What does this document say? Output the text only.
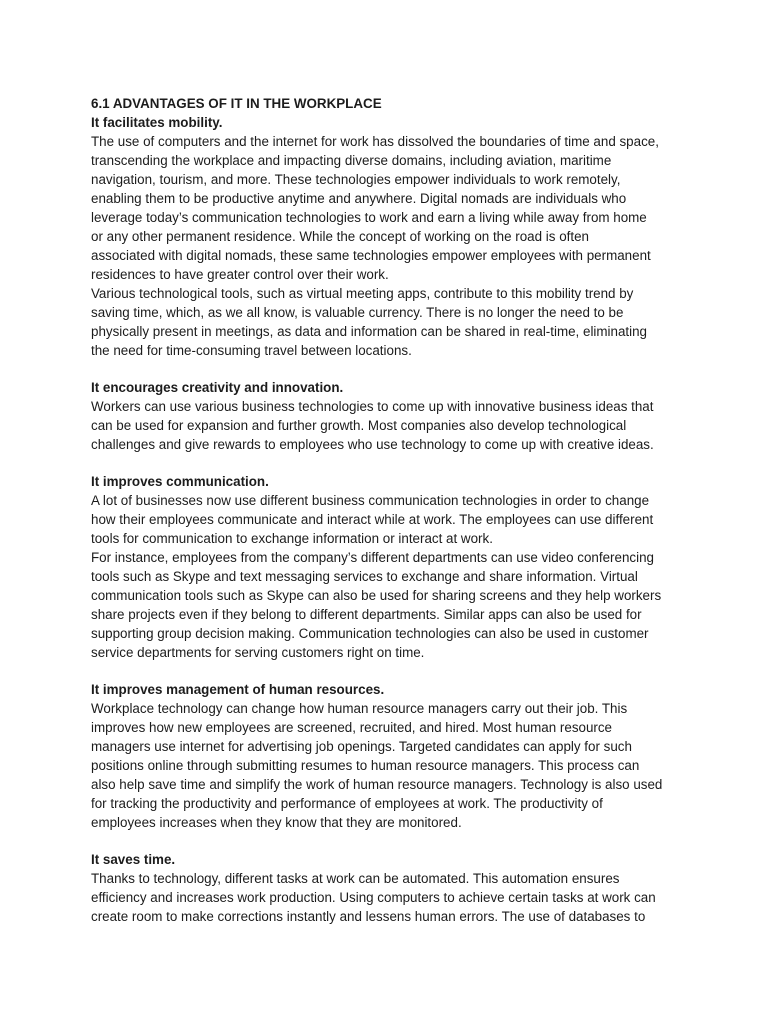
6.1 ADVANTAGES OF IT IN THE WORKPLACE
It facilitates mobility.
The use of computers and the internet for work has dissolved the boundaries of time and space,
transcending the workplace and impacting diverse domains, including aviation, maritime
navigation, tourism, and more. These technologies empower individuals to work remotely,
enabling them to be productive anytime and anywhere. Digital nomads are individuals who
leverage today’s communication technologies to work and earn a living while away from home
or any other permanent residence. While the concept of working on the road is often
associated with digital nomads, these same technologies empower employees with permanent
residences to have greater control over their work.
Various technological tools, such as virtual meeting apps, contribute to this mobility trend by
saving time, which, as we all know, is valuable currency. There is no longer the need to be
physically present in meetings, as data and information can be shared in real-time, eliminating
the need for time-consuming travel between locations.
It encourages creativity and innovation.
Workers can use various business technologies to come up with innovative business ideas that
can be used for expansion and further growth. Most companies also develop technological
challenges and give rewards to employees who use technology to come up with creative ideas.
It improves communication.
A lot of businesses now use different business communication technologies in order to change
how their employees communicate and interact while at work. The employees can use different
tools for communication to exchange information or interact at work.
For instance, employees from the company’s different departments can use video conferencing
tools such as Skype and text messaging services to exchange and share information. Virtual
communication tools such as Skype can also be used for sharing screens and they help workers
share projects even if they belong to different departments. Similar apps can also be used for
supporting group decision making. Communication technologies can also be used in customer
service departments for serving customers right on time.
It improves management of human resources.
Workplace technology can change how human resource managers carry out their job. This
improves how new employees are screened, recruited, and hired. Most human resource
managers use internet for advertising job openings. Targeted candidates can apply for such
positions online through submitting resumes to human resource managers. This process can
also help save time and simplify the work of human resource managers. Technology is also used
for tracking the productivity and performance of employees at work. The productivity of
employees increases when they know that they are monitored.
It saves time.
Thanks to technology, different tasks at work can be automated. This automation ensures
efficiency and increases work production. Using computers to achieve certain tasks at work can
create room to make corrections instantly and lessens human errors. The use of databases to
